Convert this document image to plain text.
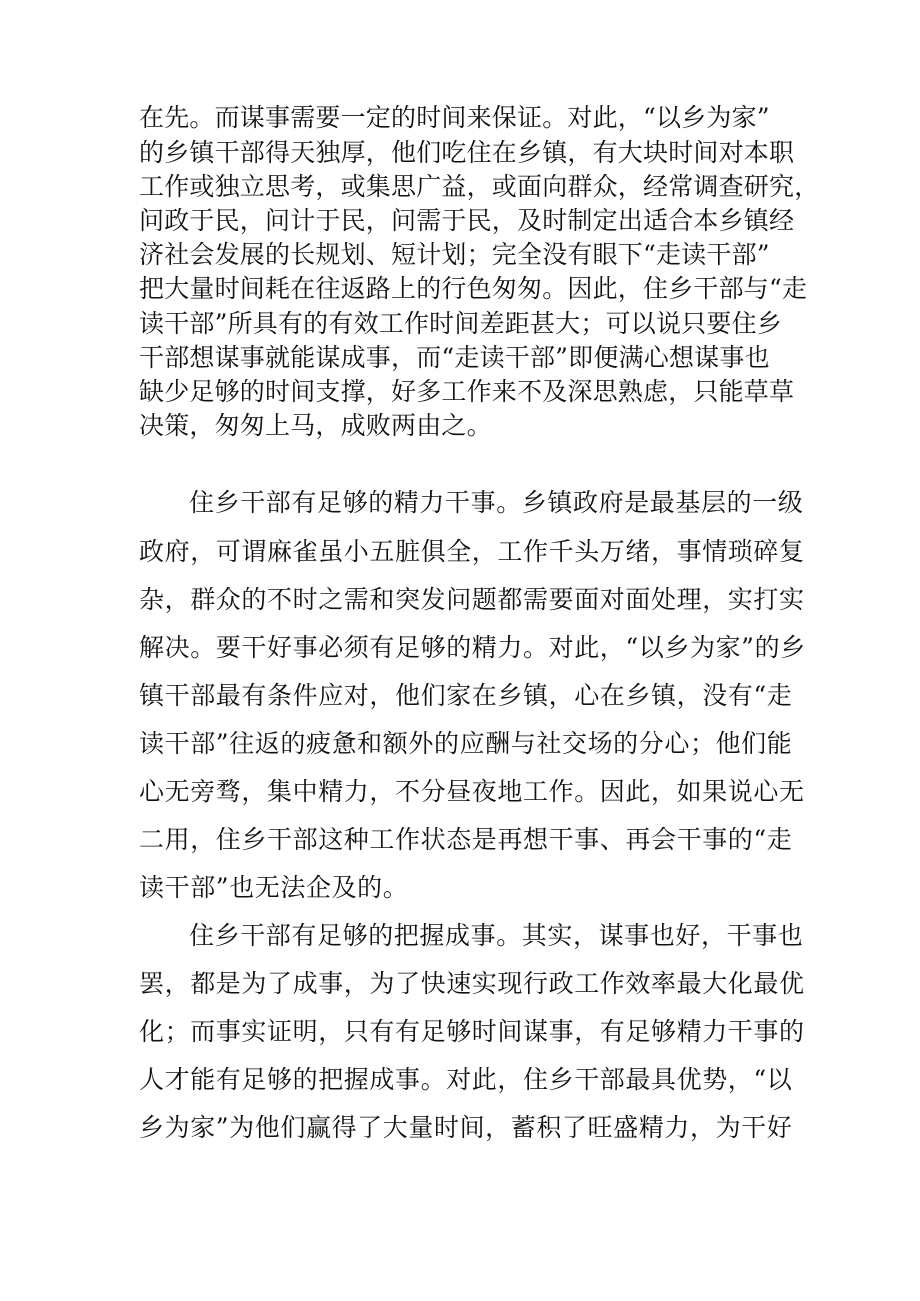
在先。而谋事需要一定的时间来保证。对此，“以乡为家”

的乡镇干部得天独厚，他们吃住在乡镇，有大块时间对本职

工作或独立思考，或集思广益，或面向群众，经常调查研究，

问政于民，问计于民，问需于民，及时制定出适合本乡镇经

济社会发展的长规划、短计划；完全没有眼下“走读干部”

把大量时间耗在往返路上的行色匆匆。因此，住乡干部与“走

读干部”所具有的有效工作时间差距甚大；可以说只要住乡

干部想谋事就能谋成事，而“走读干部”即便满心想谋事也

缺少足够的时间支撑，好多工作来不及深思熟虑，只能草草

决策，匆匆上马，成败两由之。

住乡干部有足够的精力干事。乡镇政府是最基层的一级

政府，可谓麻雀虽小五脏俱全，工作千头万绪，事情琐碎复

杂，群众的不时之需和突发问题都需要面对面处理，实打实

解决。要干好事必须有足够的精力。对此，“以乡为家”的乡

镇干部最有条件应对，他们家在乡镇，心在乡镇，没有“走

读干部”往返的疲惫和额外的应酬与社交场的分心；他们能

心无旁骛，集中精力，不分昼夜地工作。因此，如果说心无

二用，住乡干部这种工作状态是再想干事、再会干事的“走

读干部”也无法企及的。

住乡干部有足够的把握成事。其实，谋事也好，干事也

罢，都是为了成事，为了快速实现行政工作效率最大化最优

化；而事实证明，只有有足够时间谋事，有足够精力干事的

人才能有足够的把握成事。对此，住乡干部最具优势，“以

乡为家”为他们赢得了大量时间，蓄积了旺盛精力，为干好
